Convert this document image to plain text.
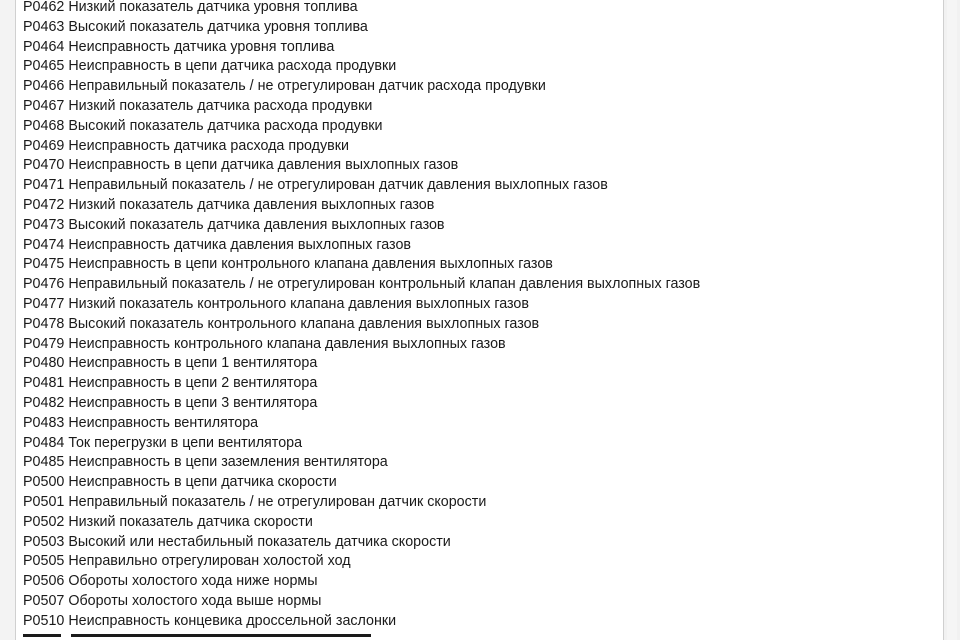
P0462 Низкий показатель датчика уровня топлива
P0463 Высокий показатель датчика уровня топлива
P0464 Неисправность датчика уровня топлива
P0465 Неисправность в цепи датчика расхода продувки
P0466 Неправильный показатель / не отрегулирован датчик расхода продувки
P0467 Низкий показатель датчика расхода продувки
P0468 Высокий показатель датчика расхода продувки
P0469 Неисправность датчика расхода продувки
P0470 Неисправность в цепи датчика давления выхлопных газов
P0471 Неправильный показатель / не отрегулирован датчик давления выхлопных газов
P0472 Низкий показатель датчика давления выхлопных газов
P0473 Высокий показатель датчика давления выхлопных газов
P0474 Неисправность датчика давления выхлопных газов
P0475 Неисправность в цепи контрольного клапана давления выхлопных газов
P0476 Неправильный показатель / не отрегулирован контрольный клапан давления выхлопных газов
P0477 Низкий показатель контрольного клапана давления выхлопных газов
P0478 Высокий показатель контрольного клапана давления выхлопных газов
P0479 Неисправность контрольного клапана давления выхлопных газов
P0480 Неисправность в цепи 1 вентилятора
P0481 Неисправность в цепи 2 вентилятора
P0482 Неисправность в цепи 3 вентилятора
P0483 Неисправность вентилятора
P0484 Ток перегрузки в цепи вентилятора
P0485 Неисправность в цепи заземления вентилятора
P0500 Неисправность в цепи датчика скорости
P0501 Неправильный показатель / не отрегулирован датчик скорости
P0502 Низкий показатель датчика скорости
P0503 Высокий или нестабильный показатель датчика скорости
P0505 Неправильно отрегулирован холостой ход
P0506 Обороты холостого хода ниже нормы
P0507 Обороты холостого хода выше нормы
P0510 Неисправность концевика дроссельной заслонки
